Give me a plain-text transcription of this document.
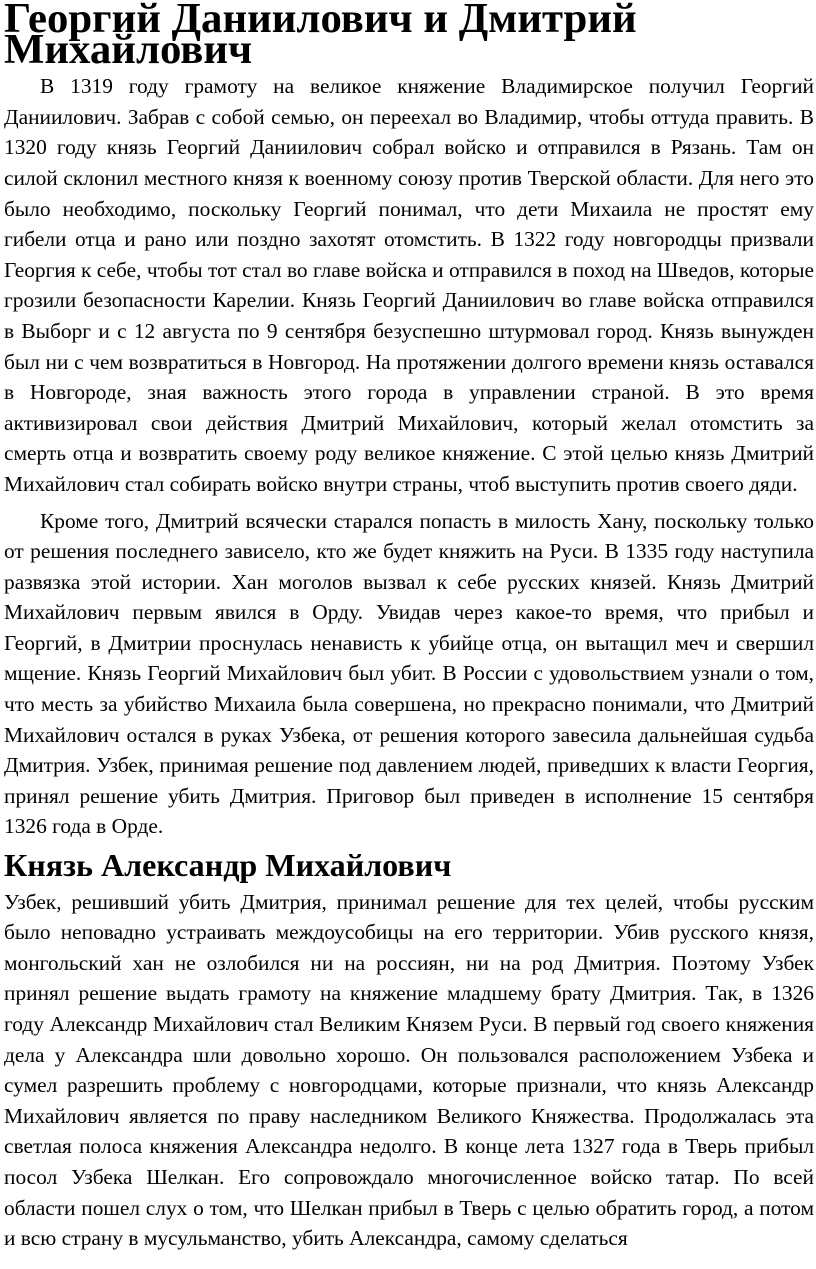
Георгий Даниилович и Дмитрий Михайлович

В 1319 году грамоту на великое княжение Владимирское получил Георгий Даниилович. Забрав с собой семью, он переехал во Владимир, чтобы оттуда править. В 1320 году князь Георгий Даниилович собрал войско и отправился в Рязань. Там он силой склонил местного князя к военному союзу против Тверской области. Для него это было необходимо, поскольку Георгий понимал, что дети Михаила не простят ему гибели отца и рано или поздно захотят отомстить. В 1322 году новгородцы призвали Георгия к себе, чтобы тот стал во главе войска и отправился в поход на Шведов, которые грозили безопасности Карелии. Князь Георгий Даниилович во главе войска отправился в Выборг и с 12 августа по 9 сентября безуспешно штурмовал город. Князь вынужден был ни с чем возвратиться в Новгород. На протяжении долгого времени князь оставался в Новгороде, зная важность этого города в управлении страной. В это время активизировал свои действия Дмитрий Михайлович, который желал отомстить за смерть отца и возвратить своему роду великое княжение. С этой целью князь Дмитрий Михайлович стал собирать войско внутри страны, чтоб выступить против своего дяди.

Кроме того, Дмитрий всячески старался попасть в милость Хану, поскольку только от решения последнего зависело, кто же будет княжить на Руси. В 1335 году наступила развязка этой истории. Хан моголов вызвал к себе русских князей. Князь Дмитрий Михайлович первым явился в Орду. Увидав через какое-то время, что прибыл и Георгий, в Дмитрии проснулась ненависть к убийце отца, он вытащил меч и свершил мщение. Князь Георгий Михайлович был убит. В России с удовольствием узнали о том, что месть за убийство Михаила была совершена, но прекрасно понимали, что Дмитрий Михайлович остался в руках Узбека, от решения которого завесила дальнейшая судьба Дмитрия. Узбек, принимая решение под давлением людей, приведших к власти Георгия, принял решение убить Дмитрия. Приговор был приведен в исполнение 15 сентября 1326 года в Орде.

Князь Александр Михайлович

Узбек, решивший убить Дмитрия, принимал решение для тех целей, чтобы русским было неповадно устраивать междоусобицы на его территории. Убив русского князя, монгольский хан не озлобился ни на россиян, ни на род Дмитрия. Поэтому Узбек принял решение выдать грамоту на княжение младшему брату Дмитрия. Так, в 1326 году Александр Михайлович стал Великим Князем Руси. В первый год своего княжения дела у Александра шли довольно хорошо. Он пользовался расположением Узбека и сумел разрешить проблему с новгородцами, которые признали, что князь Александр Михайлович является по праву наследником Великого Княжества. Продолжалась эта светлая полоса княжения Александра недолго. В конце лета 1327 года в Тверь прибыл посол Узбека Шелкан. Его сопровождало многочисленное войско татар. По всей области пошел слух о том, что Шелкан прибыл в Тверь с целью обратить город, а потом и всю страну в мусульманство, убить Александра, самому сделаться
